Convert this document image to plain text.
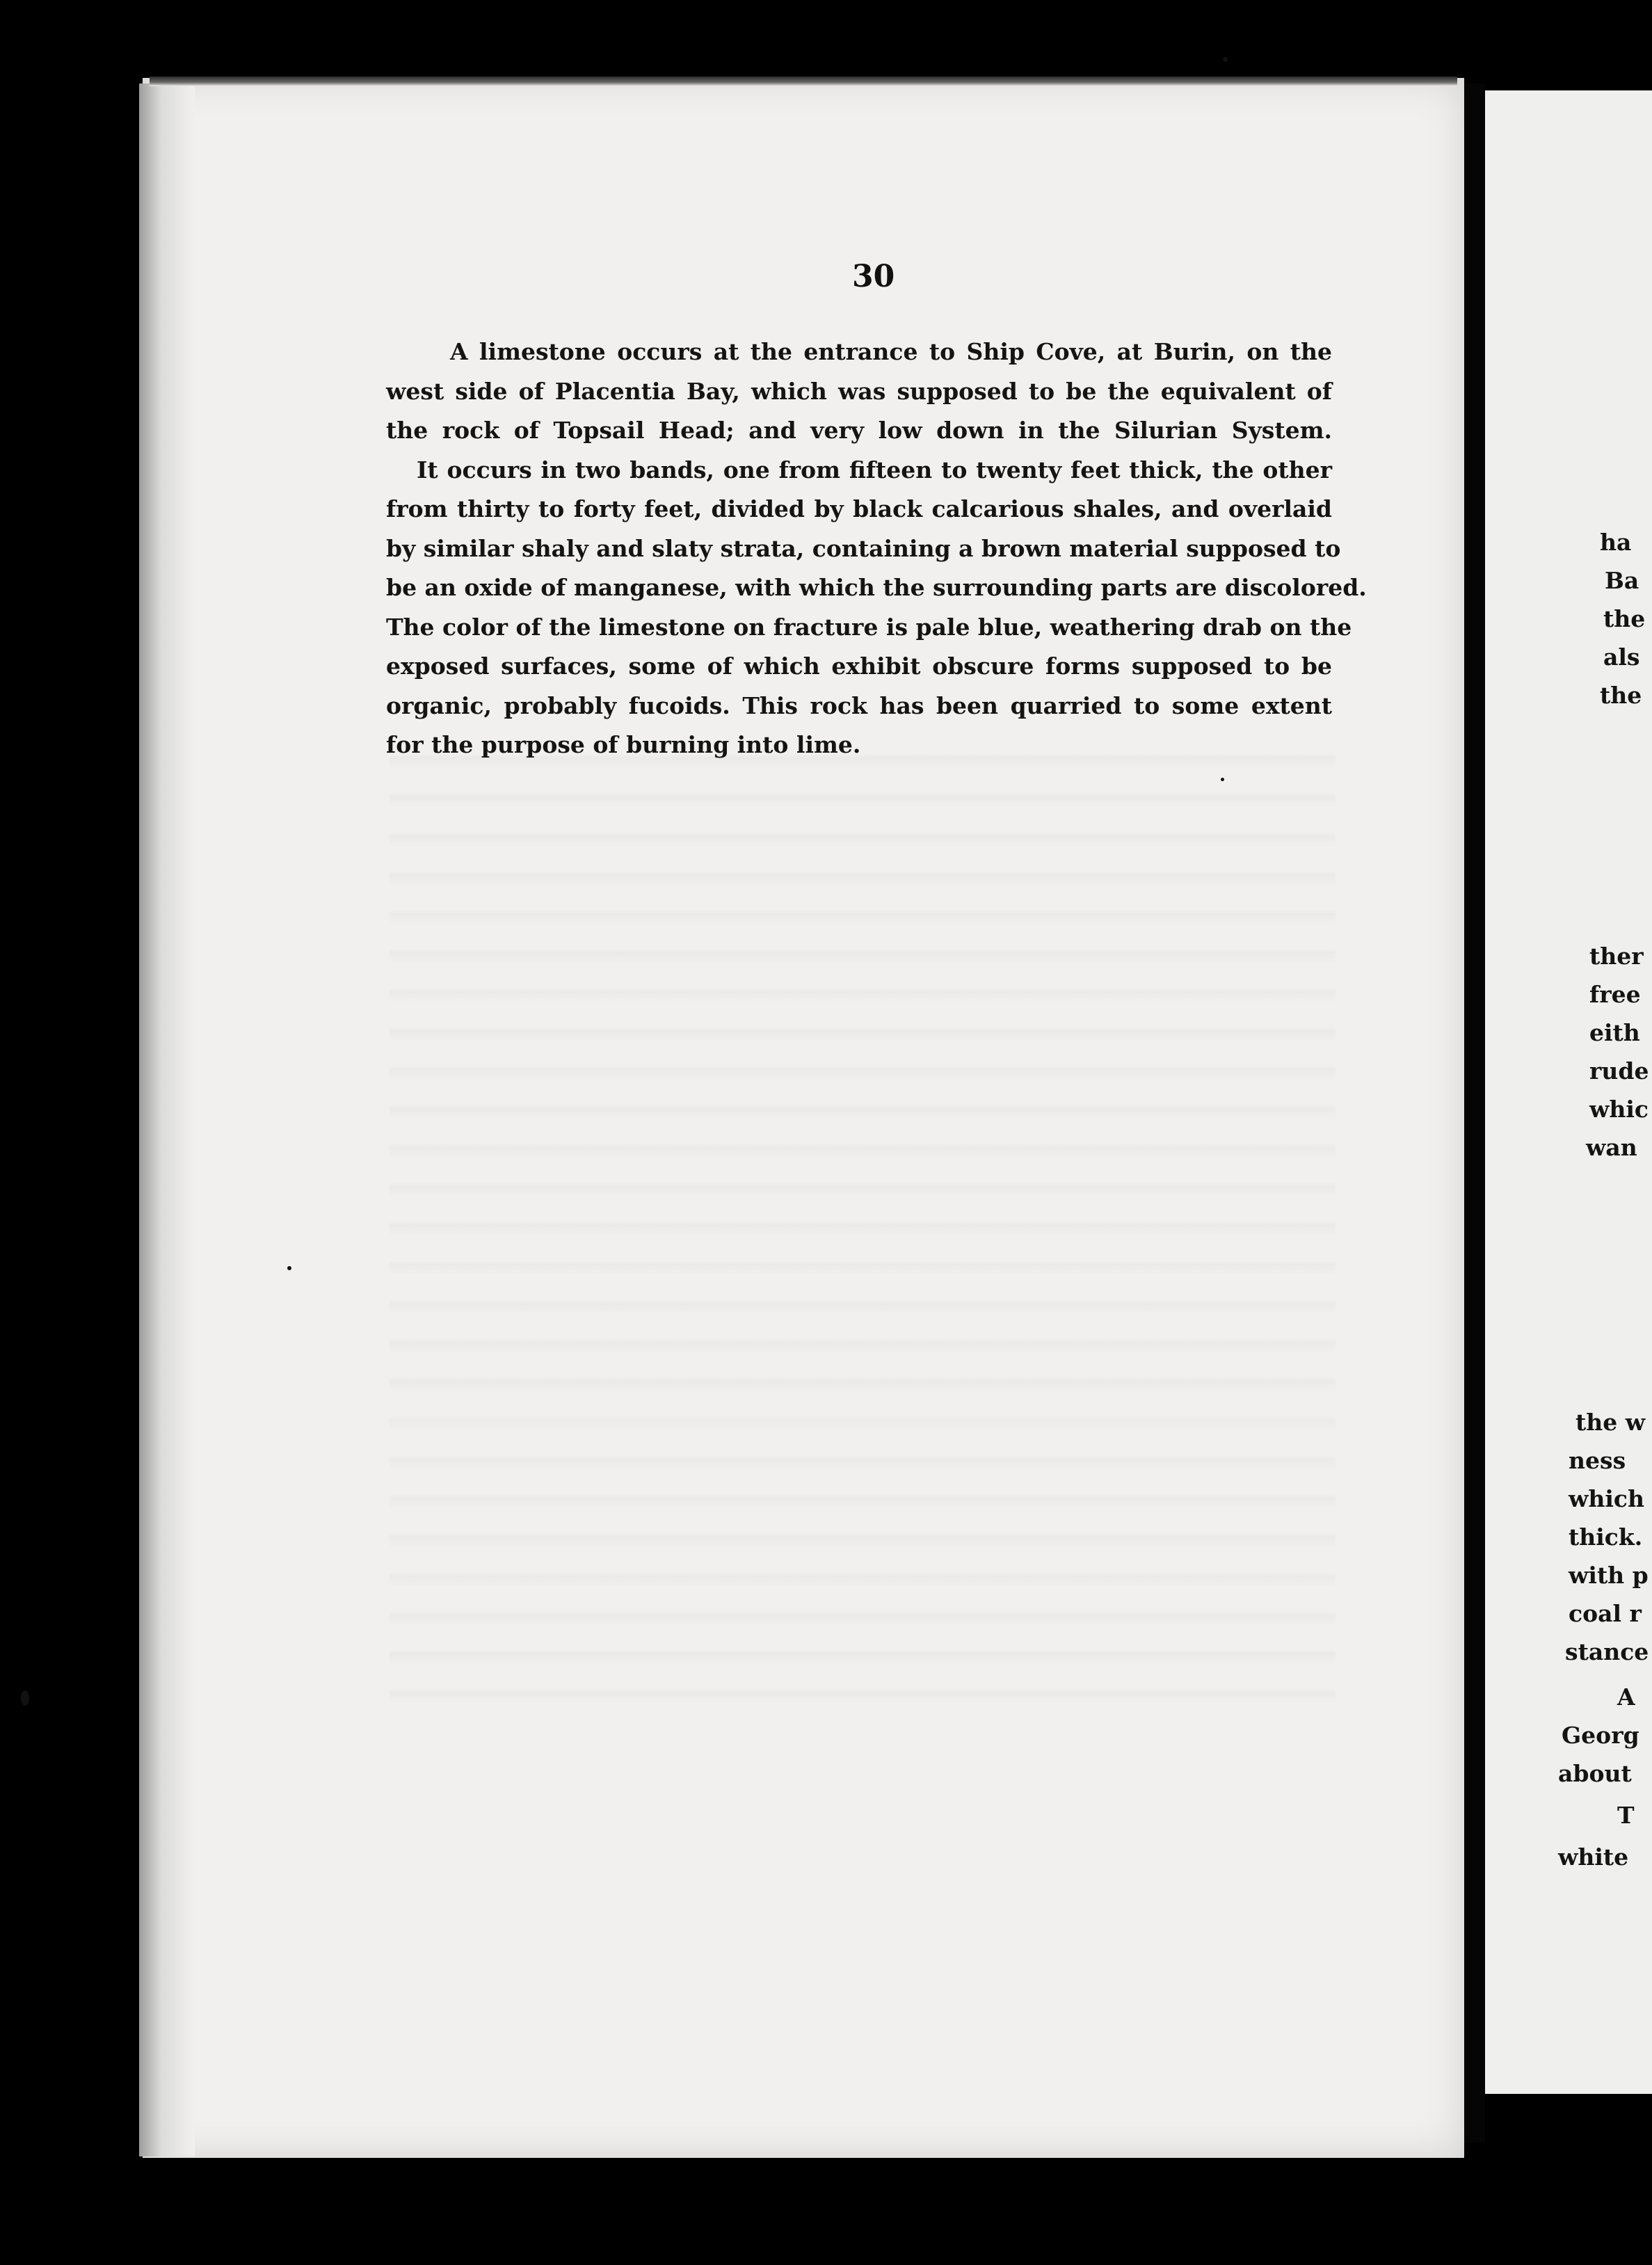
30
A limestone occurs at the entrance to Ship Cove, at Burin, on the
west side of Placentia Bay, which was supposed to be the equivalent of
the rock of Topsail Head; and very low down in the Silurian System.
It occurs in two bands, one from fifteen to twenty feet thick, the other
from thirty to forty feet, divided by black calcarious shales, and overlaid
by similar shaly and slaty strata, containing a brown material supposed to
be an oxide of manganese, with which the surrounding parts are discolored.
The color of the limestone on fracture is pale blue, weathering drab on the
exposed surfaces, some of which exhibit obscure forms supposed to be
organic, probably fucoids. This rock has been quarried to some extent
for the purpose of burning into lime.
ha
Ba
the
als
the
ther
free
eith
rude
whic
wan
the w
ness
which
thick.
with p
coal r
stance
A
Georg
about
T
white
